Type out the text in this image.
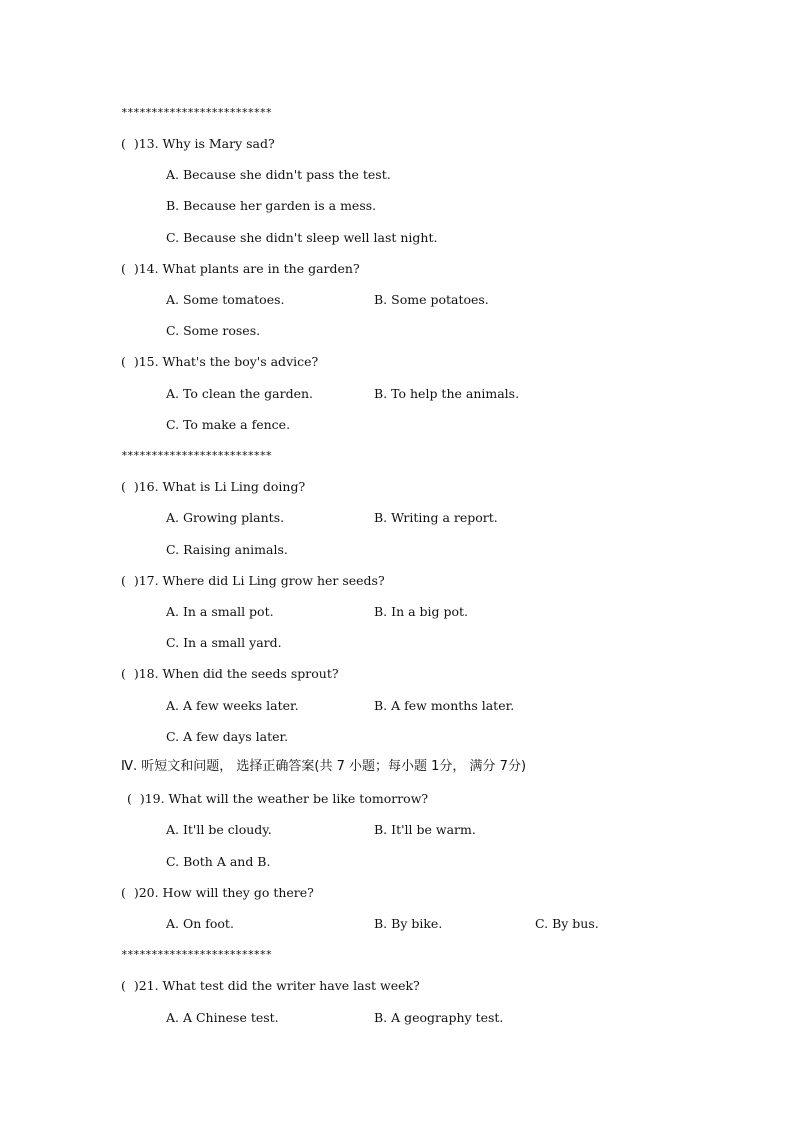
*************************
(  )13. Why is Mary sad?
A. Because she didn't pass the test.
B. Because her garden is a mess.
C. Because she didn't sleep well last night.
(  )14. What plants are in the garden?
A. Some tomatoes.	B. Some potatoes.
C. Some roses.
(  )15. What's the boy's advice?
A. To clean the garden.	B. To help the animals.
C. To make a fence.
*************************
(  )16. What is Li Ling doing?
A. Growing plants.	B. Writing a report.
C. Raising animals.
(  )17. Where did Li Ling grow her seeds?
A. In a small pot.	B. In a big pot.
C. In a small yard.
(  )18. When did the seeds sprout?
A. A few weeks later.	B. A few months later.
C. A few days later.
Ⅳ. 听短文和问题， 选择正确答案(共 7 小题；每小题 1分， 满分 7分)
(  )19. What will the weather be like tomorrow?
A. It'll be cloudy.	B. It'll be warm.
C. Both A and B.
(  )20. How will they go there?
A. On foot.	B. By bike.	C. By bus.
*************************
(  )21. What test did the writer have last week?
A. A Chinese test.	B. A geography test.
